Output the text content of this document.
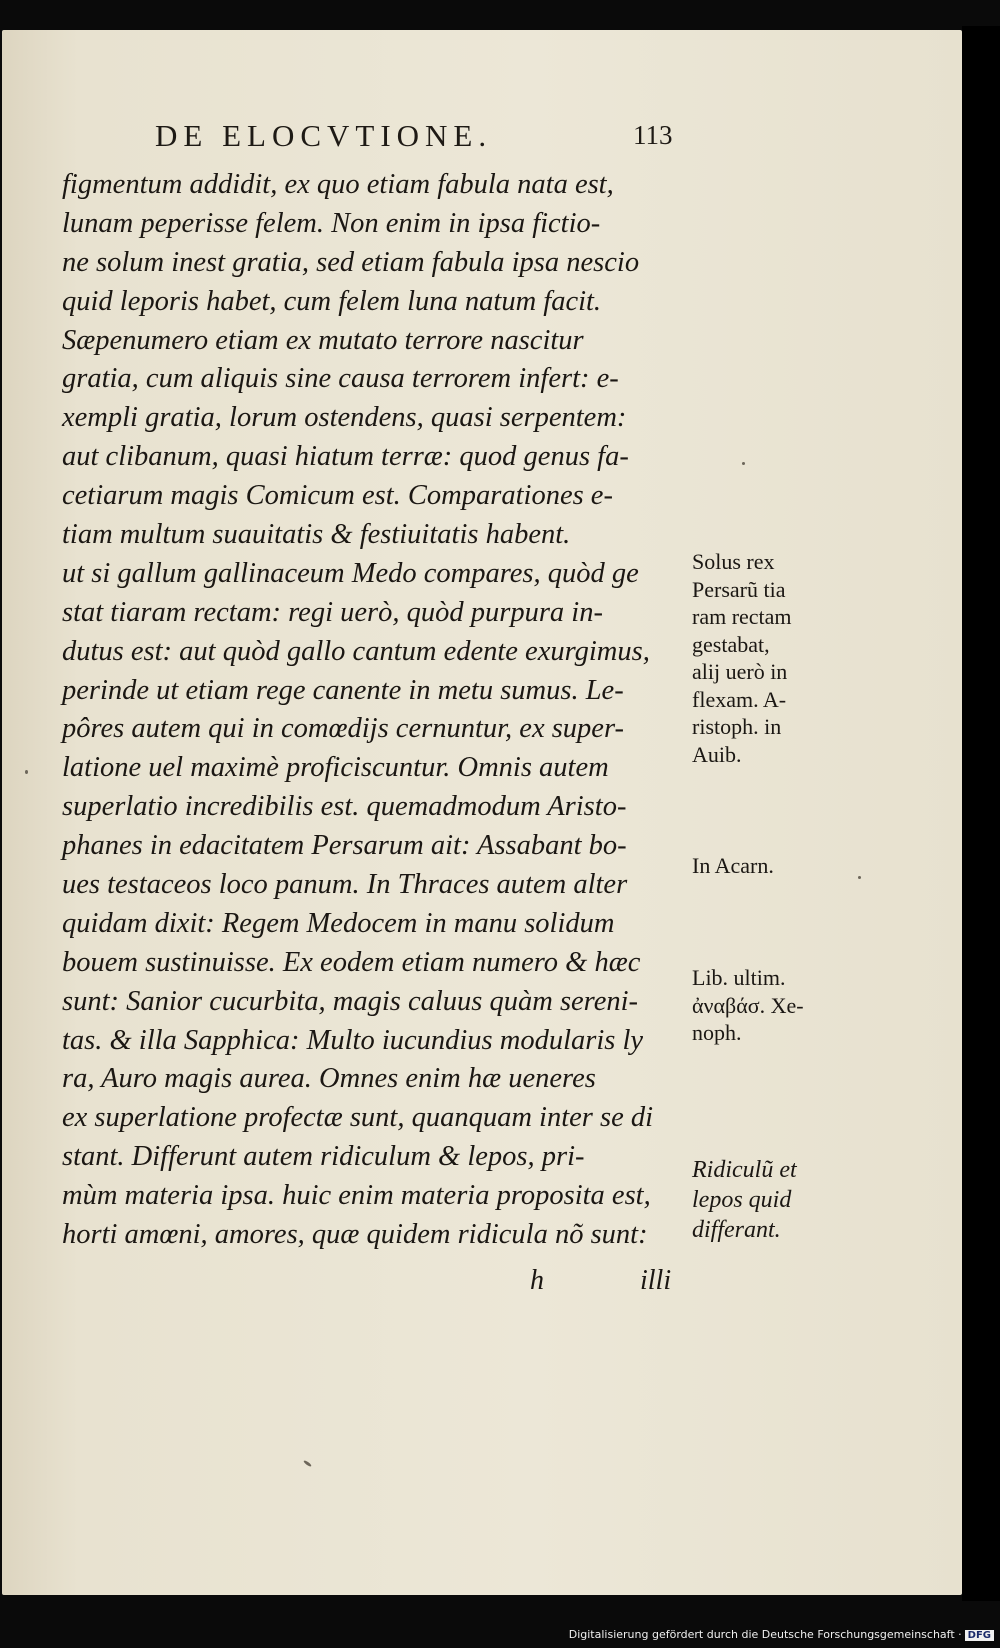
DE ELOCVTIONE.	113
figmentum addidit, ex quo etiam fabula nata est,
lunam peperisse felem. Non enim in ipsa fictio-
ne solum inest gratia, sed etiam fabula ipsa nescio
quid leporis habet, cum felem luna natum facit.
Sæpenumero etiam ex mutato terrore nascitur
gratia, cum aliquis sine causa terrorem infert: e-
xempli gratia, lorum ostendens, quasi serpentem:
aut clibanum, quasi hiatum terræ: quod genus fa-
cetiarum magis Comicum est. Comparationes e-
tiam multum suauitatis & festiuitatis habent.
ut si gallum gallinaceum Medo compares, quòd ge
stat tiaram rectam: regi uerò, quòd purpura in-
dutus est: aut quòd gallo cantum edente exurgimus,
perinde ut etiam rege canente in metu sumus. Le-
pôres autem qui in comœdijs cernuntur, ex super-
latione uel maximè proficiscuntur. Omnis autem
superlatio incredibilis est. quemadmodum Aristo-
phanes in edacitatem Persarum ait: Assabant bo-
ues testaceos loco panum. In Thraces autem alter
quidam dixit: Regem Medocem in manu solidum
bouem sustinuisse. Ex eodem etiam numero & hæc
sunt: Sanior cucurbita, magis caluus quàm sereni-
tas. & illa Sapphica: Multo iucundius modularis ly
ra, Auro magis aurea. Omnes enim hæ ueneres
ex superlatione profectæ sunt, quanquam inter se di
stant. Differunt autem ridiculum & lepos, pri-
mùm materia ipsa. huic enim materia proposita est,
horti amœni, amores, quæ quidem ridicula nõ sunt:
Solus rex
Persarũ tia
ram rectam
gestabat,
alij uerò in
flexam. A-
ristoph. in
Auib.
In Acarn.
Lib. ultim.
ἀναβάσ. Xe-
noph.
Ridiculũ et
lepos quid
differant.
h	illi
Digitalisierung gefördert durch die Deutsche Forschungsgemeinschaft · DFG
